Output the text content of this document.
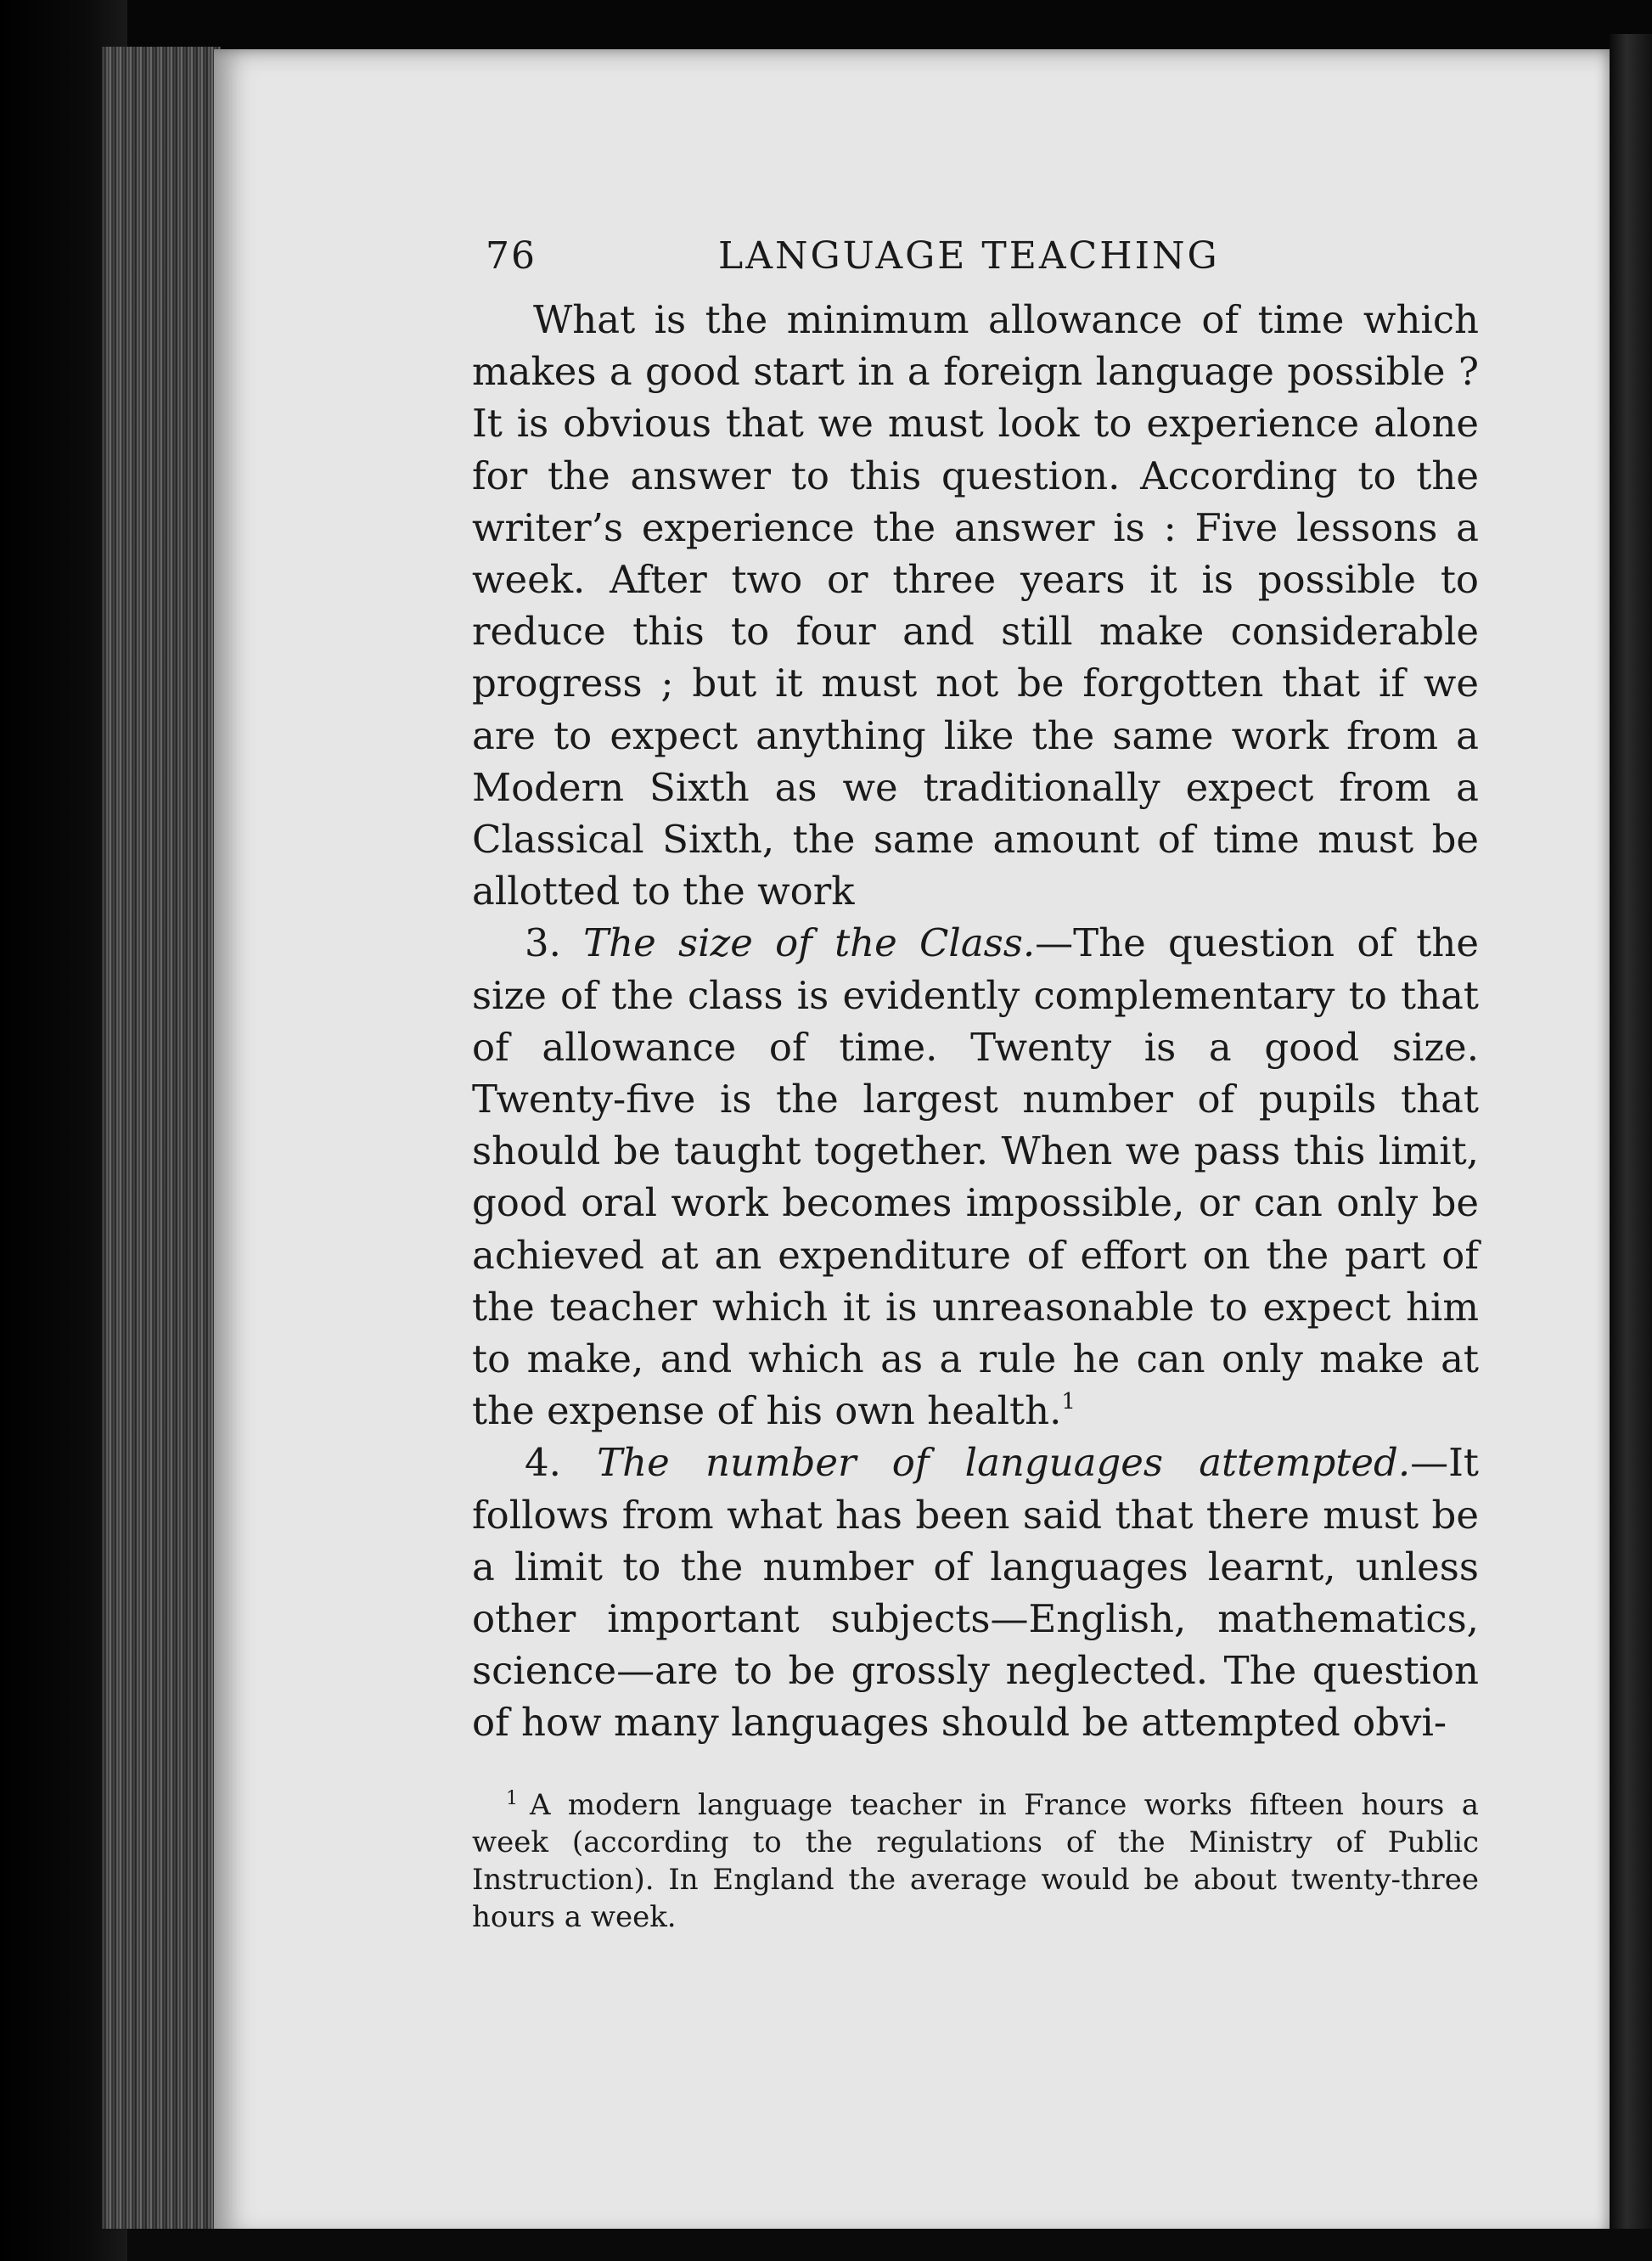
76	LANGUAGE TEACHING

What is the minimum allowance of time which makes a good start in a foreign language possible ? It is obvious that we must look to experience alone for the answer to this question. According to the writer’s experience the answer is : Five lessons a week. After two or three years it is possible to reduce this to four and still make considerable progress ; but it must not be forgotten that if we are to expect anything like the same work from a Modern Sixth as we traditionally expect from a Classical Sixth, the same amount of time must be allotted to the work

3. The size of the Class.—The question of the size of the class is evidently complementary to that of allowance of time. Twenty is a good size. Twenty-five is the largest number of pupils that should be taught together. When we pass this limit, good oral work becomes impossible, or can only be achieved at an expenditure of effort on the part of the teacher which it is unreasonable to expect him to make, and which as a rule he can only make at the expense of his own health.$^1$

4. The number of languages attempted.—It follows from what has been said that there must be a limit to the number of languages learnt, unless other important subjects—English, mathematics, science—are to be grossly neglected. The question of how many languages should be attempted obvi-

$^1$ A modern language teacher in France works fifteen hours a week (according to the regulations of the Ministry of Public Instruction). In England the average would be about twenty-three hours a week.
